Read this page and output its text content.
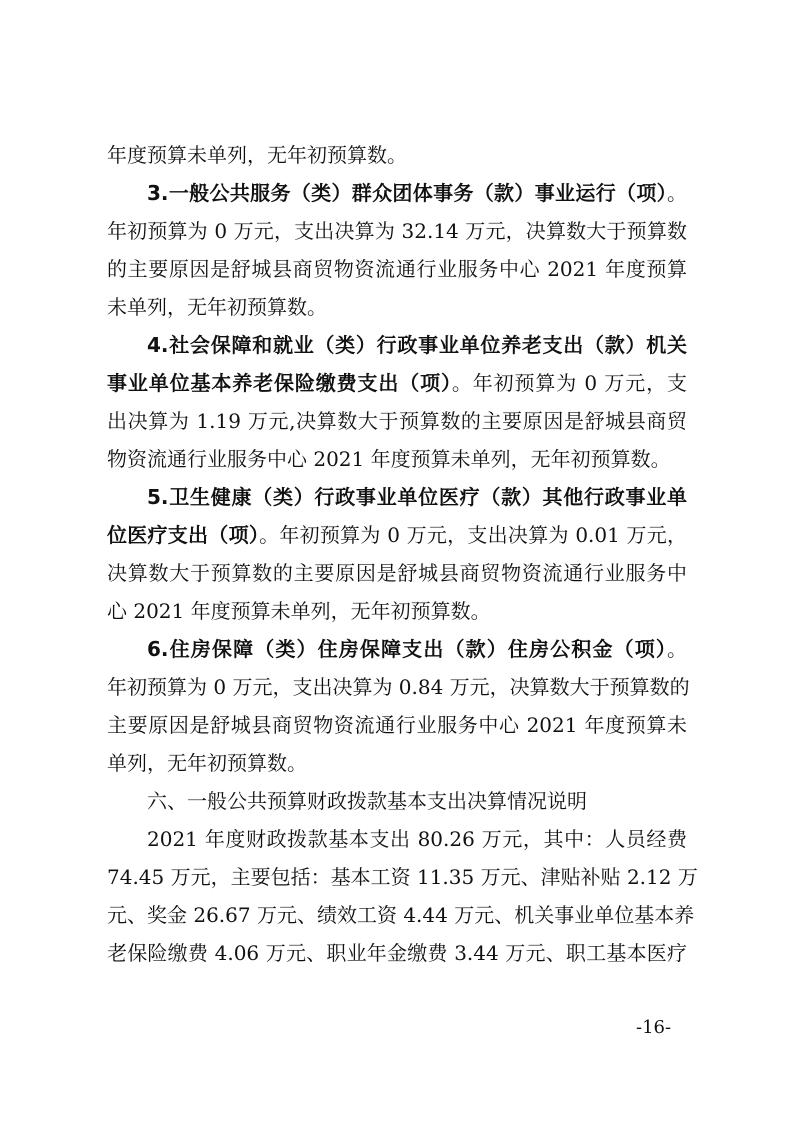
年度预算未单列，无年初预算数。
3.一般公共服务（类）群众团体事务（款）事业运行（项）。
年初预算为 0 万元，支出决算为 32.14 万元，决算数大于预算数
的主要原因是舒城县商贸物资流通行业服务中心 2021 年度预算
未单列，无年初预算数。
4.社会保障和就业（类）行政事业单位养老支出（款）机关
事业单位基本养老保险缴费支出（项）。年初预算为 0 万元，支
出决算为 1.19 万元,决算数大于预算数的主要原因是舒城县商贸
物资流通行业服务中心 2021 年度预算未单列，无年初预算数。
5.卫生健康（类）行政事业单位医疗（款）其他行政事业单
位医疗支出（项）。年初预算为 0 万元，支出决算为 0.01 万元，
决算数大于预算数的主要原因是舒城县商贸物资流通行业服务中
心 2021 年度预算未单列，无年初预算数。
6.住房保障（类）住房保障支出（款）住房公积金（项）。
年初预算为 0 万元，支出决算为 0.84 万元，决算数大于预算数的
主要原因是舒城县商贸物资流通行业服务中心 2021 年度预算未
单列，无年初预算数。
六、一般公共预算财政拨款基本支出决算情况说明
2021 年度财政拨款基本支出 80.26 万元，其中：人员经费
74.45 万元，主要包括：基本工资 11.35 万元、津贴补贴 2.12 万
元、奖金 26.67 万元、绩效工资 4.44 万元、机关事业单位基本养
老保险缴费 4.06 万元、职业年金缴费 3.44 万元、职工基本医疗
-16-
